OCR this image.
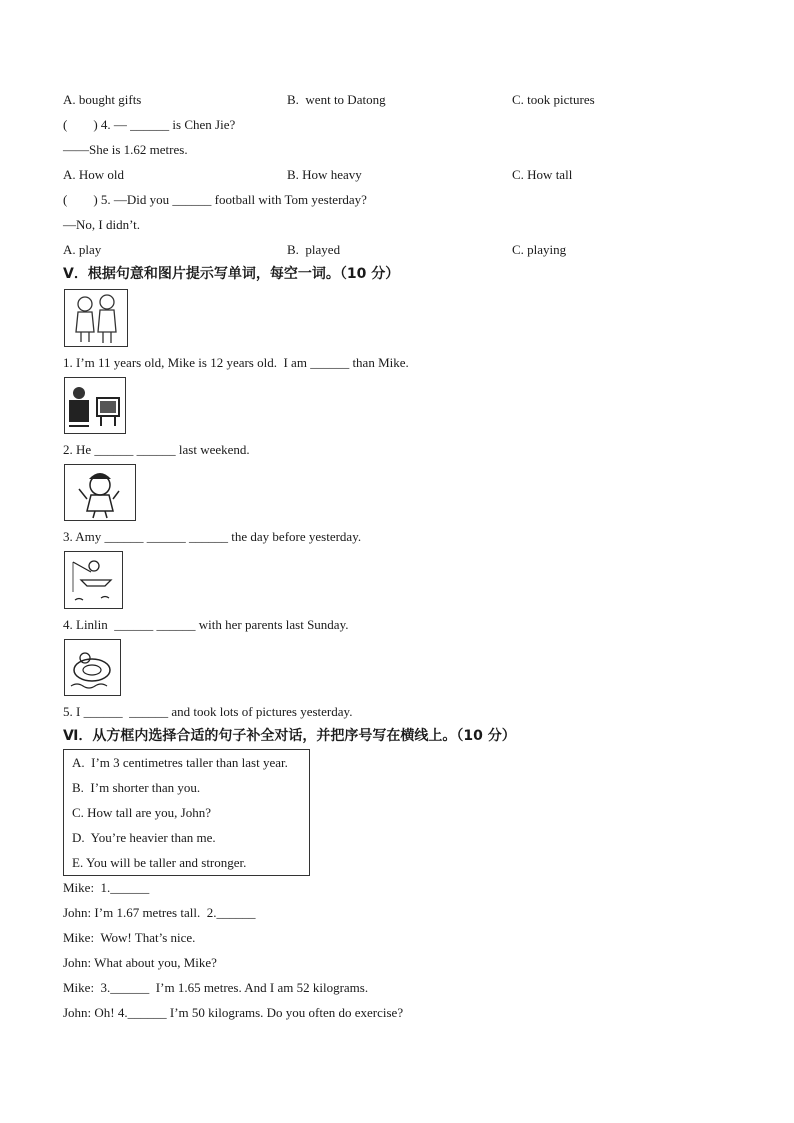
A. bought gifts	B.  went to Datong	C. took pictures
(        ) 4. — ______ is Chen Jie?
——She is 1.62 metres.
A. How old	B. How heavy	C. How tall
(        ) 5. —Did you ______ football with Tom yesterday?
—No, I didn’t.
A. play	B.  played	C. playing
Ⅴ．根据句意和图片提示写单词，每空一词。（10 分）
1. I’m 11 years old, Mike is 12 years old.  I am ______ than Mike.
2. He ______ ______ last weekend.
3. Amy ______ ______ ______ the day before yesterday.
4. Linlin  ______ ______ with her parents last Sunday.
5. I ______  ______ and took lots of pictures yesterday.
Ⅵ．从方框内选择合适的句子补全对话，并把序号写在横线上。（10 分）
A.  I’m 3 centimetres taller than last year.
B.  I’m shorter than you.
C. How tall are you, John?
D.  You’re heavier than me.
E. You will be taller and stronger.
Mike:  1.______
John: I’m 1.67 metres tall.  2.______
Mike:  Wow! That’s nice.
John: What about you, Mike?
Mike:  3.______  I’m 1.65 metres. And I am 52 kilograms.
John: Oh! 4.______ I’m 50 kilograms. Do you often do exercise?
